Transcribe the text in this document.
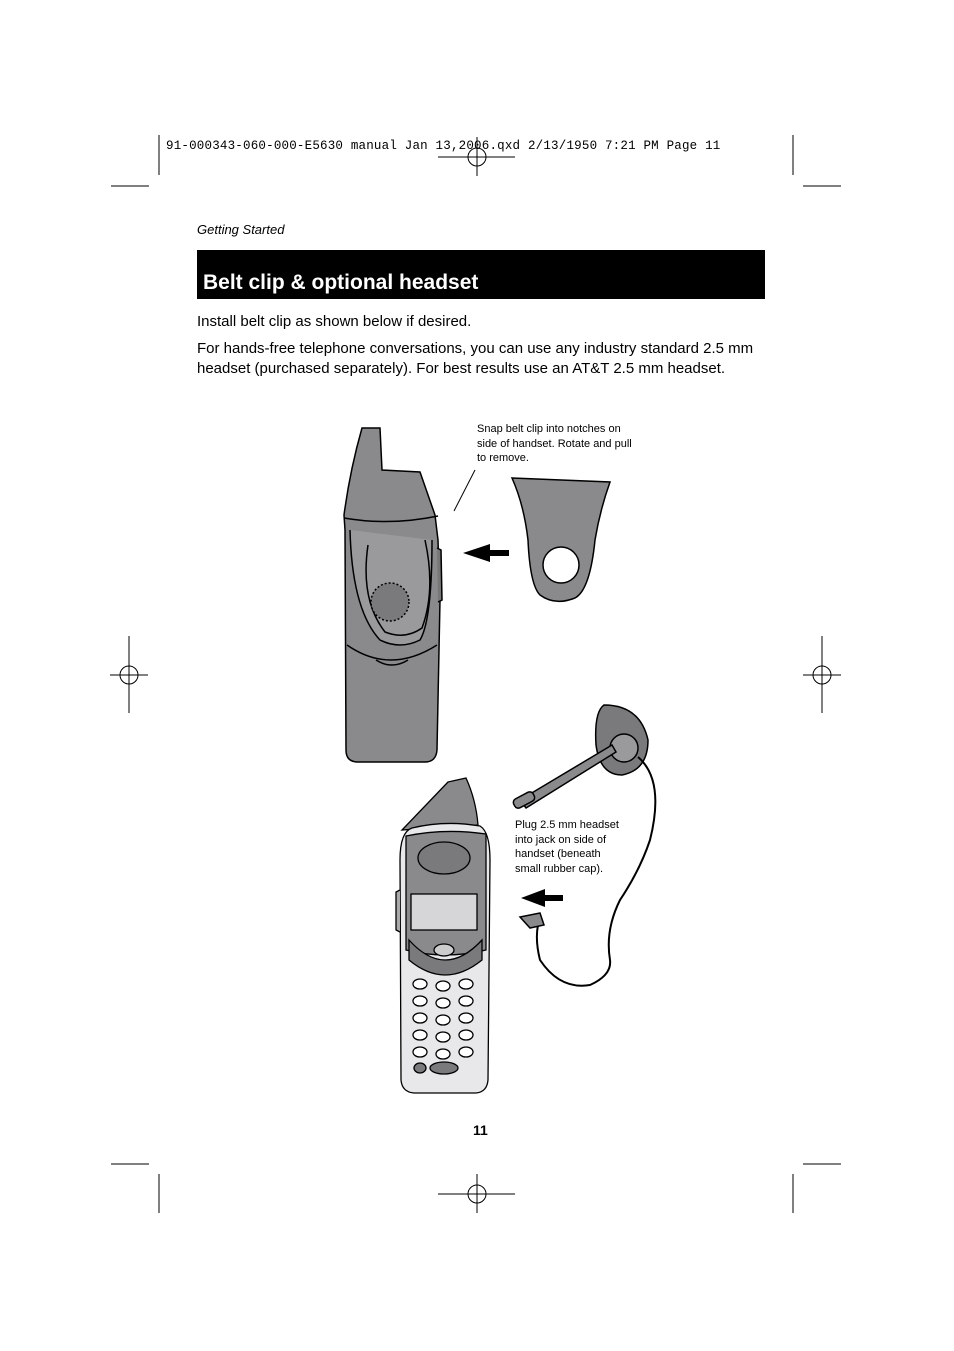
91-000343-060-000-E5630 manual Jan 13,2006.qxd 2/13/1950 7:21 PM Page 11
Getting Started
Belt clip & optional headset
Install belt clip as shown below if desired.
For hands-free telephone conversations, you can use any industry standard 2.5 mm headset (purchased separately). For best results use an AT&T 2.5 mm headset.
Snap belt clip into notches on side of handset. Rotate and pull to remove.
Plug 2.5 mm headset into jack on side of handset (beneath small rubber cap).
11
